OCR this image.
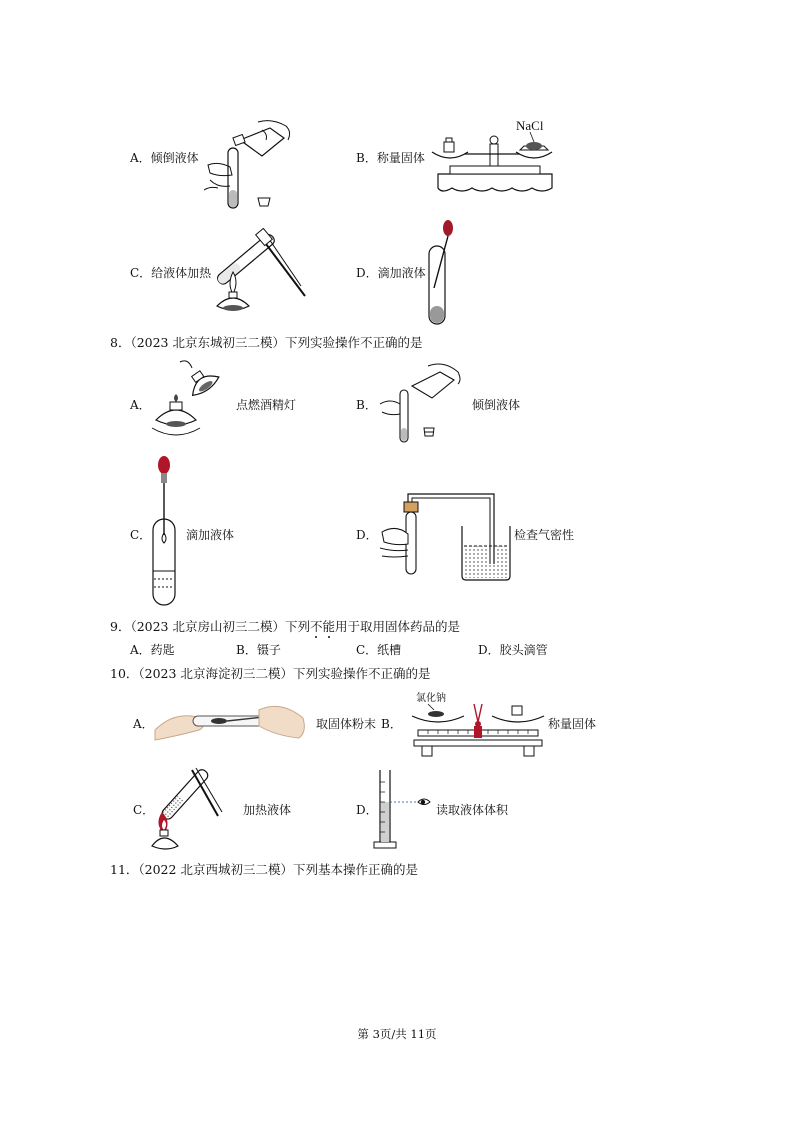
A．倾倒液体	B．称量固体
NaCl
C．给液体加热	D．滴加液体
8．（2023 北京东城初三二模）下列实验操作不正确的是
A．	点燃酒精灯	B．	倾倒液体
C．	滴加液体	D．	检查气密性
9．（2023 北京房山初三二模）下列不能用于取用固体药品的是
A．药匙	B．镊子	C．纸槽	D．胶头滴管
10．（2023 北京海淀初三二模）下列实验操作不正确的是
A．	取固体粉末 B．
氯化钠
称量固体
C．	加热液体	D．	读取液体体积
11．（2022 北京西城初三二模）下列基本操作正确的是
第 3页/共 11页
